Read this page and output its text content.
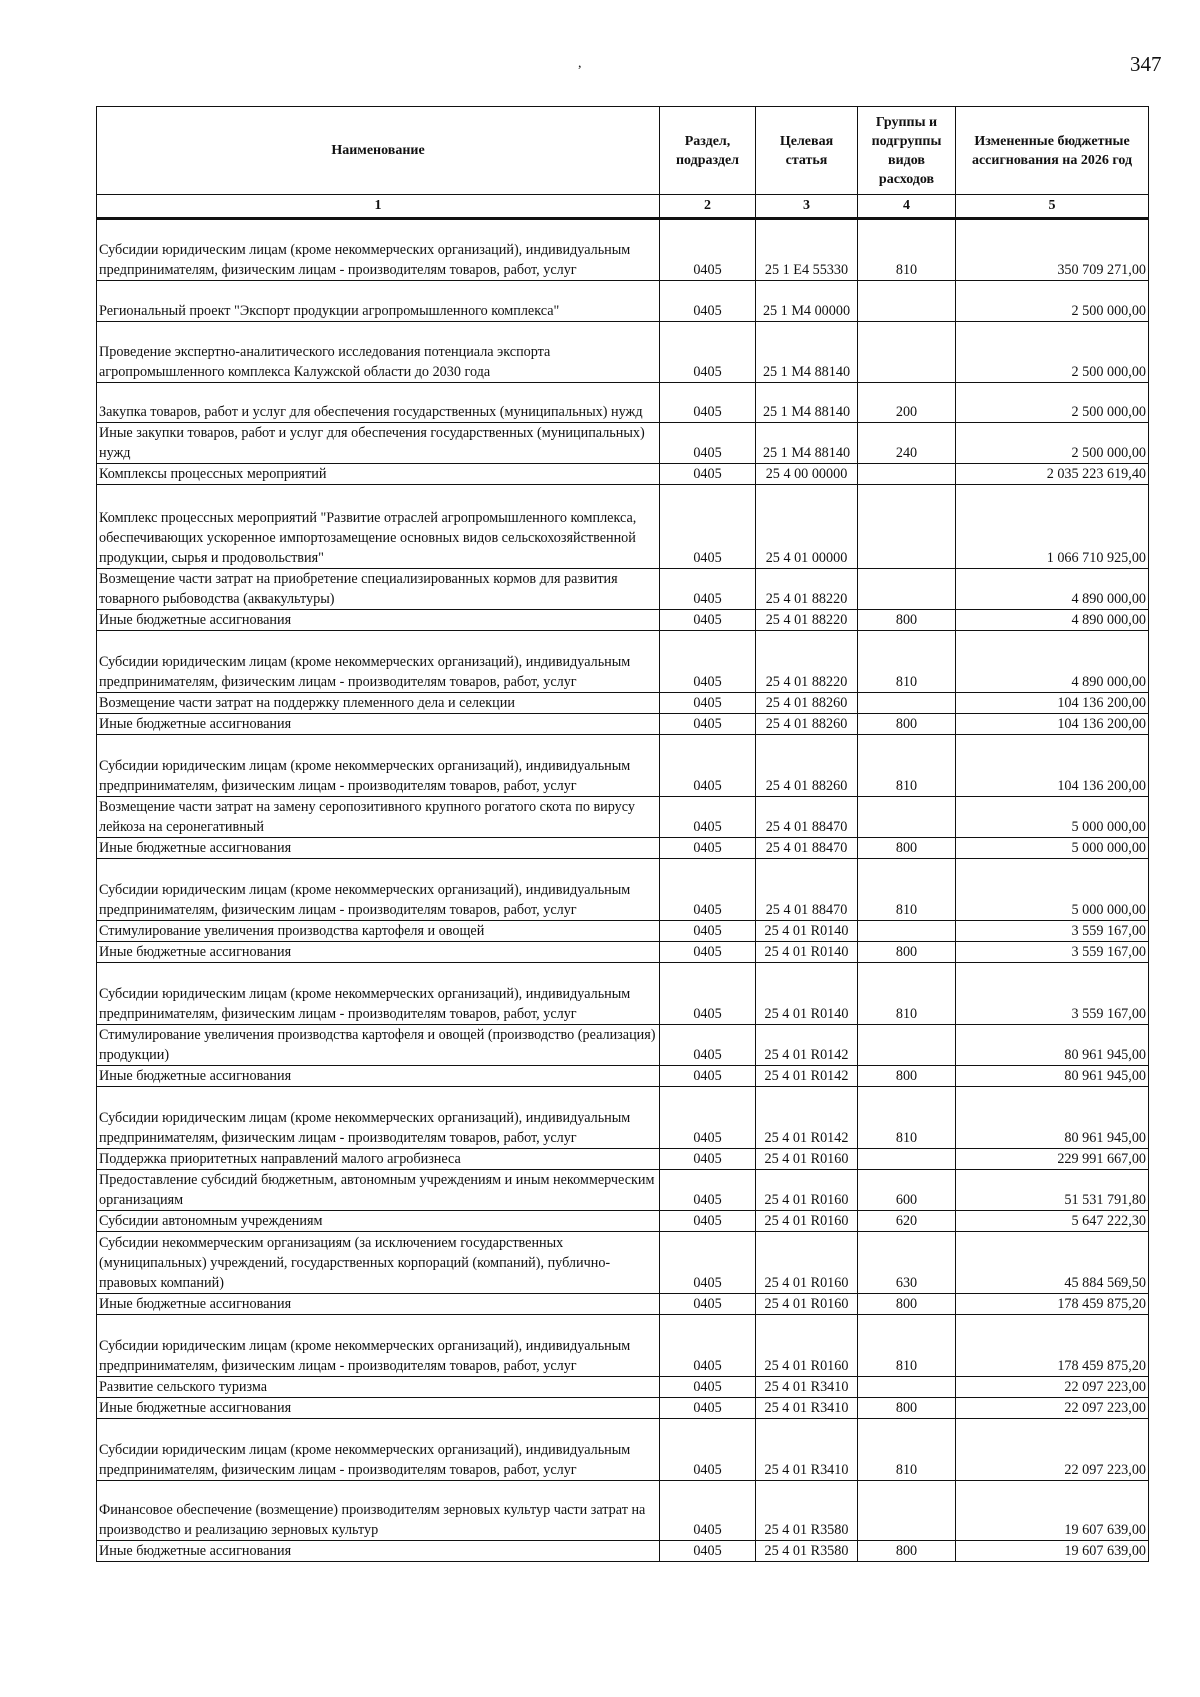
,	347
Наименование	Раздел, подраздел	Целевая статья	Группы и подгруппы видов расходов	Измененные бюджетные ассигнования на 2026 год
1	2	3	4	5
Субсидии юридическим лицам (кроме некоммерческих организаций), индивидуальным предпринимателям, физическим лицам - производителям товаров, работ, услуг	0405	25 1 E4 55330	810	350 709 271,00
Региональный проект "Экспорт продукции агропромышленного комплекса"	0405	25 1 M4 00000		2 500 000,00
Проведение экспертно-аналитического исследования потенциала экспорта агропромышленного комплекса Калужской области до 2030 года	0405	25 1 M4 88140		2 500 000,00
Закупка товаров, работ и услуг для обеспечения государственных (муниципальных) нужд	0405	25 1 M4 88140	200	2 500 000,00
Иные закупки товаров, работ и услуг для обеспечения государственных (муниципальных) нужд	0405	25 1 M4 88140	240	2 500 000,00
Комплексы процессных мероприятий	0405	25 4 00 00000		2 035 223 619,40
Комплекс процессных мероприятий "Развитие отраслей агропромышленного комплекса, обеспечивающих ускоренное импортозамещение основных видов сельскохозяйственной продукции, сырья и продовольствия"	0405	25 4 01 00000		1 066 710 925,00
Возмещение части затрат на приобретение специализированных кормов для развития товарного рыбоводства (аквакультуры)	0405	25 4 01 88220		4 890 000,00
Иные бюджетные ассигнования	0405	25 4 01 88220	800	4 890 000,00
Субсидии юридическим лицам (кроме некоммерческих организаций), индивидуальным предпринимателям, физическим лицам - производителям товаров, работ, услуг	0405	25 4 01 88220	810	4 890 000,00
Возмещение части затрат на поддержку племенного дела и селекции	0405	25 4 01 88260		104 136 200,00
Иные бюджетные ассигнования	0405	25 4 01 88260	800	104 136 200,00
Субсидии юридическим лицам (кроме некоммерческих организаций), индивидуальным предпринимателям, физическим лицам - производителям товаров, работ, услуг	0405	25 4 01 88260	810	104 136 200,00
Возмещение части затрат на замену серопозитивного крупного рогатого скота по вирусу лейкоза на серонегативный	0405	25 4 01 88470		5 000 000,00
Иные бюджетные ассигнования	0405	25 4 01 88470	800	5 000 000,00
Субсидии юридическим лицам (кроме некоммерческих организаций), индивидуальным предпринимателям, физическим лицам - производителям товаров, работ, услуг	0405	25 4 01 88470	810	5 000 000,00
Стимулирование увеличения производства картофеля и овощей	0405	25 4 01 R0140		3 559 167,00
Иные бюджетные ассигнования	0405	25 4 01 R0140	800	3 559 167,00
Субсидии юридическим лицам (кроме некоммерческих организаций), индивидуальным предпринимателям, физическим лицам - производителям товаров, работ, услуг	0405	25 4 01 R0140	810	3 559 167,00
Стимулирование увеличения производства картофеля и овощей (производство (реализация) продукции)	0405	25 4 01 R0142		80 961 945,00
Иные бюджетные ассигнования	0405	25 4 01 R0142	800	80 961 945,00
Субсидии юридическим лицам (кроме некоммерческих организаций), индивидуальным предпринимателям, физическим лицам - производителям товаров, работ, услуг	0405	25 4 01 R0142	810	80 961 945,00
Поддержка приоритетных направлений малого агробизнеса	0405	25 4 01 R0160		229 991 667,00
Предоставление субсидий бюджетным, автономным учреждениям и иным некоммерческим организациям	0405	25 4 01 R0160	600	51 531 791,80
Субсидии автономным учреждениям	0405	25 4 01 R0160	620	5 647 222,30
Субсидии некоммерческим организациям (за исключением государственных (муниципальных) учреждений, государственных корпораций (компаний), публично-правовых компаний)	0405	25 4 01 R0160	630	45 884 569,50
Иные бюджетные ассигнования	0405	25 4 01 R0160	800	178 459 875,20
Субсидии юридическим лицам (кроме некоммерческих организаций), индивидуальным предпринимателям, физическим лицам - производителям товаров, работ, услуг	0405	25 4 01 R0160	810	178 459 875,20
Развитие сельского туризма	0405	25 4 01 R3410		22 097 223,00
Иные бюджетные ассигнования	0405	25 4 01 R3410	800	22 097 223,00
Субсидии юридическим лицам (кроме некоммерческих организаций), индивидуальным предпринимателям, физическим лицам - производителям товаров, работ, услуг	0405	25 4 01 R3410	810	22 097 223,00
Финансовое обеспечение (возмещение) производителям зерновых культур части затрат на производство и реализацию зерновых культур	0405	25 4 01 R3580		19 607 639,00
Иные бюджетные ассигнования	0405	25 4 01 R3580	800	19 607 639,00
